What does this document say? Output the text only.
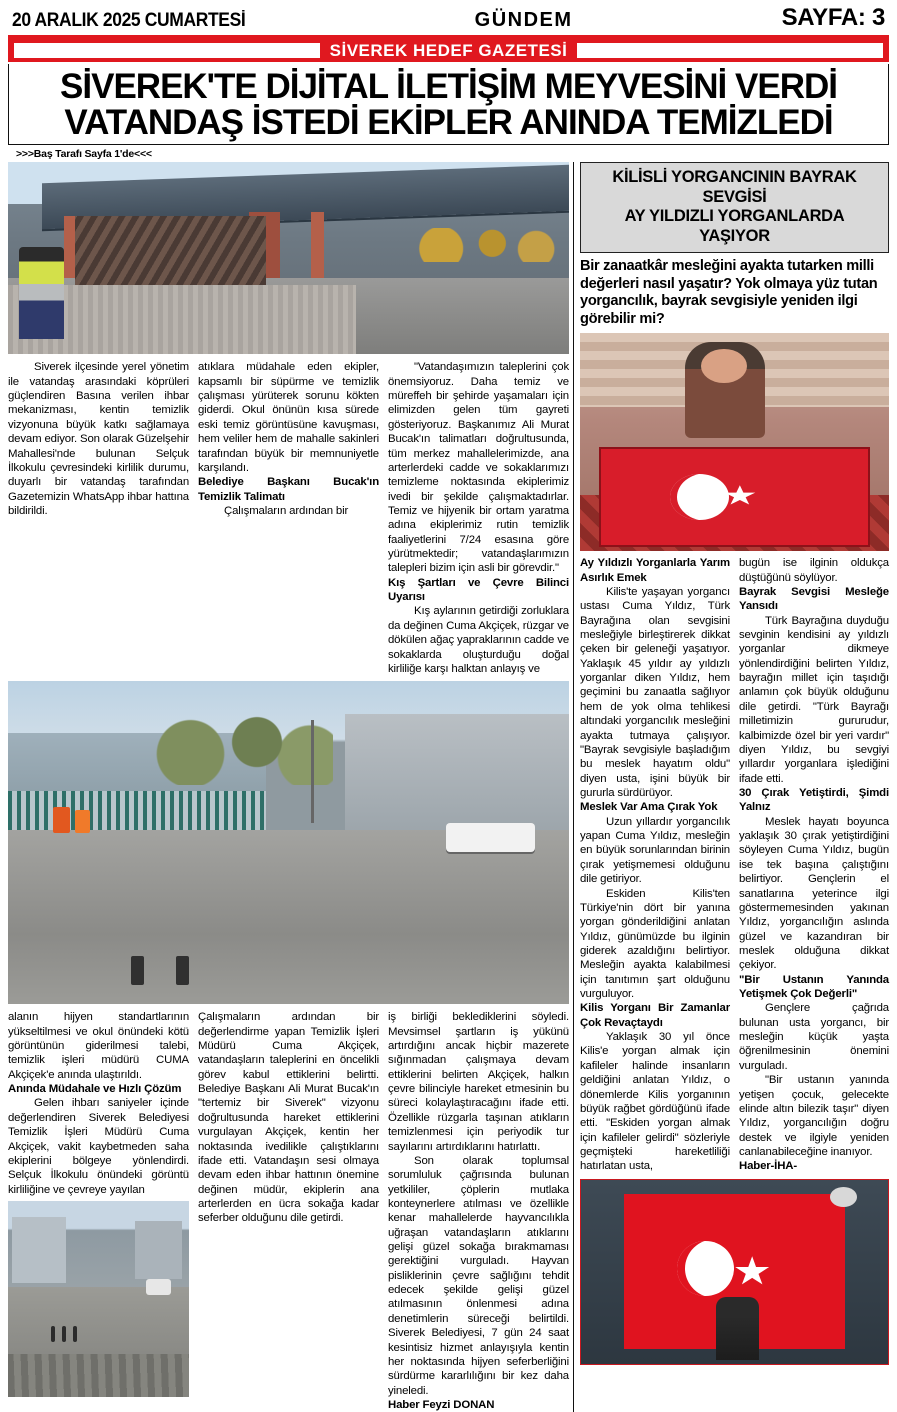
20 ARALIK 2025 CUMARTESİ	GÜNDEM	SAYFA: 3
SİVEREK HEDEF GAZETESİ
SİVEREK'TE DİJİTAL İLETİŞİM MEYVESİNİ VERDİ
VATANDAŞ İSTEDİ EKİPLER ANINDA TEMİZLEDİ
>>>Baş Tarafı Sayfa 1'de<<<

Siverek ilçesinde yerel yönetim ile vatandaş arasındaki köprüleri güçlendiren Basına verilen ihbar mekanizması, kentin temizlik vizyonuna büyük katkı sağlamaya devam ediyor. Son olarak Güzelşehir Mahallesi'nde bulunan Selçuk İlkokulu çevresindeki kirlilik durumu, duyarlı bir vatandaş tarafından Gazetemizin WhatsApp ihbar hattına bildirildi.

atıklara müdahale eden ekipler, kapsamlı bir süpürme ve temizlik çalışması yürüterek sorunu kökten giderdi. Okul önünün kısa sürede eski temiz görüntüsüne kavuşması, hem veliler hem de mahalle sakinleri tarafından büyük bir memnuniyetle karşılandı.

Belediye Başkanı Bucak'ın Temizlik Talimatı

Çalışmaların ardından bir

"Vatandaşımızın taleplerini çok önemsiyoruz. Daha temiz ve müreffeh bir şehirde yaşamaları için elimizden gelen tüm gayreti gösteriyoruz. Başkanımız Ali Murat Bucak'ın talimatları doğrultusunda, tüm merkez mahallelerimizde, ana arterlerdeki cadde ve sokaklarımızı temizleme noktasında ekiplerimiz ivedi bir şekilde çalışmaktadırlar. Temiz ve hijyenik bir ortam yaratma adına ekiplerimiz rutin temizlik faaliyetlerini 7/24 esasına göre yürütmektedir; vatandaşlarımızın talepleri bizim için asli bir görevdir."

Kış Şartları ve Çevre Bilinci Uyarısı

Kış aylarının getirdiği zorluklara da değinen Cuma Akçiçek, rüzgar ve dökülen ağaç yapraklarının cadde ve sokaklarda oluşturduğu doğal kirliliğe karşı halktan anlayış ve

alanın hijyen standartlarının yükseltilmesi ve okul önündeki kötü görüntünün giderilmesi talebi, temizlik işleri müdürü CUMA Akçiçek'e anında ulaştırıldı.

Anında Müdahale ve Hızlı Çözüm

Gelen ihbarı saniyeler içinde değerlendiren Siverek Belediyesi Temizlik İşleri Müdürü Cuma Akçiçek, vakit kaybetmeden saha ekiplerini bölgeye yönlendirdi. Selçuk İlkokulu önündeki görüntü kirliliğine ve çevreye yayılan

Çalışmaların ardından bir değerlendirme yapan Temizlik İşleri Müdürü Cuma Akçiçek, vatandaşların taleplerini en öncelikli görev kabul ettiklerini belirtti. Belediye Başkanı Ali Murat Bucak'ın "tertemiz bir Siverek" vizyonu doğrultusunda hareket ettiklerini vurgulayan Akçiçek, kentin her noktasında ivedilikle çalıştıklarını ifade etti. Vatandaşın sesi olmaya devam eden ihbar hattının önemine değinen müdür, ekiplerin ana arterlerden en ücra sokağa kadar seferber olduğunu dile getirdi.

iş birliği beklediklerini söyledi. Mevsimsel şartların iş yükünü artırdığını ancak hiçbir mazerete sığınmadan çalışmaya devam ettiklerini belirten Akçiçek, halkın çevre bilinciyle hareket etmesinin bu süreci kolaylaştıracağını ifade etti. Özellikle rüzgarla taşınan atıkların temizlenmesi için periyodik tur sayılarını artırdıklarını hatırlattı.

Son olarak toplumsal sorumluluk çağrısında bulunan yetkililer, çöplerin mutlaka konteynerlere atılması ve özellikle kenar mahallelerde hayvancılıkla uğraşan vatandaşların atıklarını gelişi güzel sokağa bırakmaması gerektiğini vurguladı. Hayvan pisliklerinin çevre sağlığını tehdit edecek şekilde gelişi güzel atılmasının önlenmesi adına denetimlerin süreceği belirtildi. Siverek Belediyesi, 7 gün 24 saat kesintisiz hizmet anlayışıyla kentin her noktasında hijyen seferberliğini sürdürme kararlılığını bir kez daha yineledi.

Haber Feyzi DONAN

KİLİSLİ YORGANCININ BAYRAK SEVGİSİ
AY YILDIZLI YORGANLARDA
YAŞIYOR
Bir zanaatkâr mesleğini ayakta tutarken milli değerleri nasıl yaşatır? Yok olmaya yüz tutan yorgancılık, bayrak sevgisiyle yeniden ilgi görebilir mi?

Ay Yıldızlı Yorganlarla Yarım Asırlık Emek

Kilis'te yaşayan yorgancı ustası Cuma Yıldız, Türk Bayrağına olan sevgisini mesleğiyle birleştirerek dikkat çeken bir geleneği yaşatıyor. Yaklaşık 45 yıldır ay yıldızlı yorganlar diken Yıldız, hem geçimini bu zanaatla sağlıyor hem de yok olma tehlikesi altındaki yorgancılık mesleğini ayakta tutmaya çalışıyor. "Bayrak sevgisiyle başladığım bu meslek hayatım oldu" diyen usta, işini büyük bir gururla sürdürüyor.

Meslek Var Ama Çırak Yok

Uzun yıllardır yorgancılık yapan Cuma Yıldız, mesleğin en büyük sorunlarından birinin çırak yetişmemesi olduğunu dile getiriyor.

Eskiden Kilis'ten Türkiye'nin dört bir yanına yorgan gönderildiğini anlatan Yıldız, günümüzde bu ilginin giderek azaldığını belirtiyor. Mesleğin ayakta kalabilmesi için tanıtımın şart olduğunu vurguluyor.

Kilis Yorganı Bir Zamanlar Çok Revaçtaydı

Yaklaşık 30 yıl önce Kilis'e yorgan almak için kafileler halinde insanların geldiğini anlatan Yıldız, o dönemlerde Kilis yorganının büyük rağbet gördüğünü ifade etti. "Eskiden yorgan almak için kafileler gelirdi" sözleriyle geçmişteki hareketliliği hatırlatan usta,

bugün ise ilginin oldukça düştüğünü söylüyor.

Bayrak Sevgisi Mesleğe Yansıdı

Türk Bayrağına duyduğu sevginin kendisini ay yıldızlı yorganlar dikmeye yönlendirdiğini belirten Yıldız, bayrağın millet için taşıdığı anlamın çok büyük olduğunu dile getirdi. "Türk Bayrağı milletimizin gururudur, kalbimizde özel bir yeri vardır" diyen Yıldız, bu sevgiyi yıllardır yorganlara işlediğini ifade etti.

30 Çırak Yetiştirdi, Şimdi Yalnız

Meslek hayatı boyunca yaklaşık 30 çırak yetiştirdiğini söyleyen Cuma Yıldız, bugün ise tek başına çalıştığını belirtiyor. Gençlerin el sanatlarına yeterince ilgi göstermemesinden yakınan Yıldız, yorgancılığın aslında güzel ve kazandıran bir meslek olduğuna dikkat çekiyor.

"Bir Ustanın Yanında Yetişmek Çok Değerli"

Gençlere çağrıda bulunan usta yorgancı, bir mesleğin küçük yaşta öğrenilmesinin önemini vurguladı.

"Bir ustanın yanında yetişen çocuk, gelecekte elinde altın bilezik taşır" diyen Yıldız, yorgancılığın doğru destek ve ilgiyle yeniden canlanabileceğine inanıyor.

Haber-İHA-
